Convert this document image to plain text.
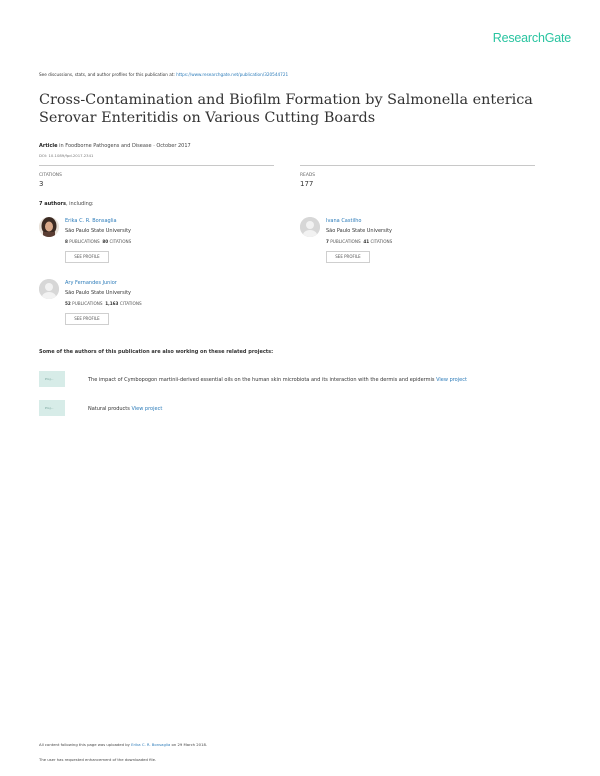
ResearchGate
See discussions, stats, and author profiles for this publication at: https://www.researchgate.net/publication/320544721
Cross-Contamination and Biofilm Formation by Salmonella enterica Serovar Enteritidis on Various Cutting Boards
Article in Foodborne Pathogens and Disease · October 2017
DOI: 10.1089/fpd.2017.2341
CITATIONS
3
READS
177
7 authors, including:
Erika C. R. Bonsaglia
São Paulo State University
8 PUBLICATIONS 80 CITATIONS
SEE PROFILE
Ivana Castilho
São Paulo State University
7 PUBLICATIONS 41 CITATIONS
SEE PROFILE
Ary Fernandes Junior
São Paulo State University
52 PUBLICATIONS 1,163 CITATIONS
SEE PROFILE
Some of the authors of this publication are also working on these related projects:
Proj...	The impact of Cymbopogon martinii-derived essential oils on the human skin microbiota and its interaction with the dermis and epidermis View project
Proj...	Natural products View project
All content following this page was uploaded by Erika C. R. Bonsaglia on 29 March 2018.
The user has requested enhancement of the downloaded file.
